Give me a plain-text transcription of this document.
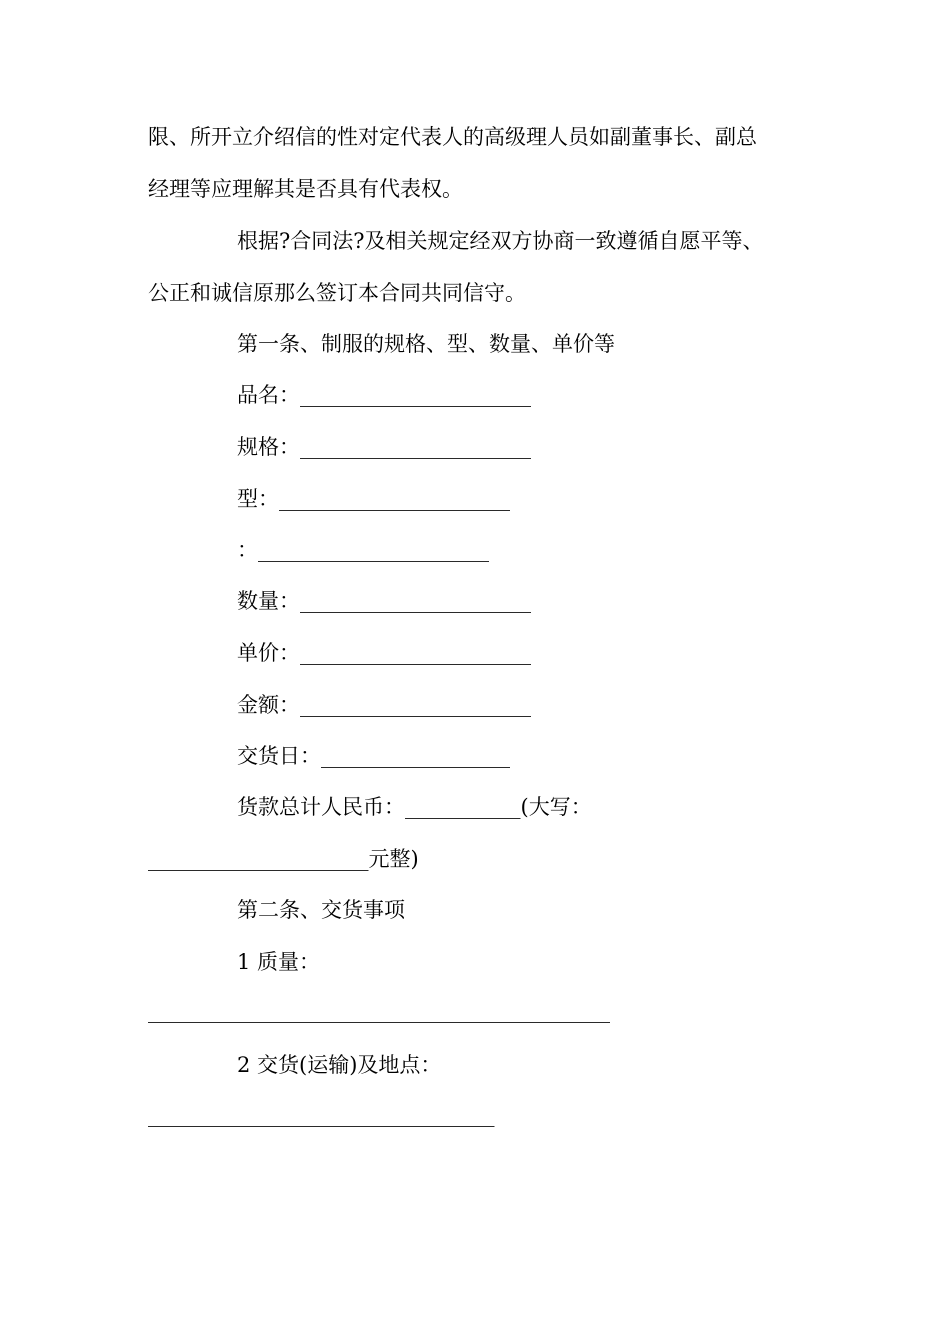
限、所开立介绍信的性对定代表人的高级理人员如副董事长、副总
经理等应理解其是否具有代表权。
根据?合同法?及相关规定经双方协商一致遵循自愿平等、
公正和诚信原那么签订本合同共同信守。
第一条、制服的规格、型、数量、单价等
品名：______________________
规格：______________________
型：______________________
：______________________
数量：______________________
单价：______________________
金额：______________________
交货日：__________________
货款总计人民币：___________(大写：
_____________________元整)
第二条、交货事项
1 质量：
____________________________________________
2 交货(运输)及地点：
_________________________________
